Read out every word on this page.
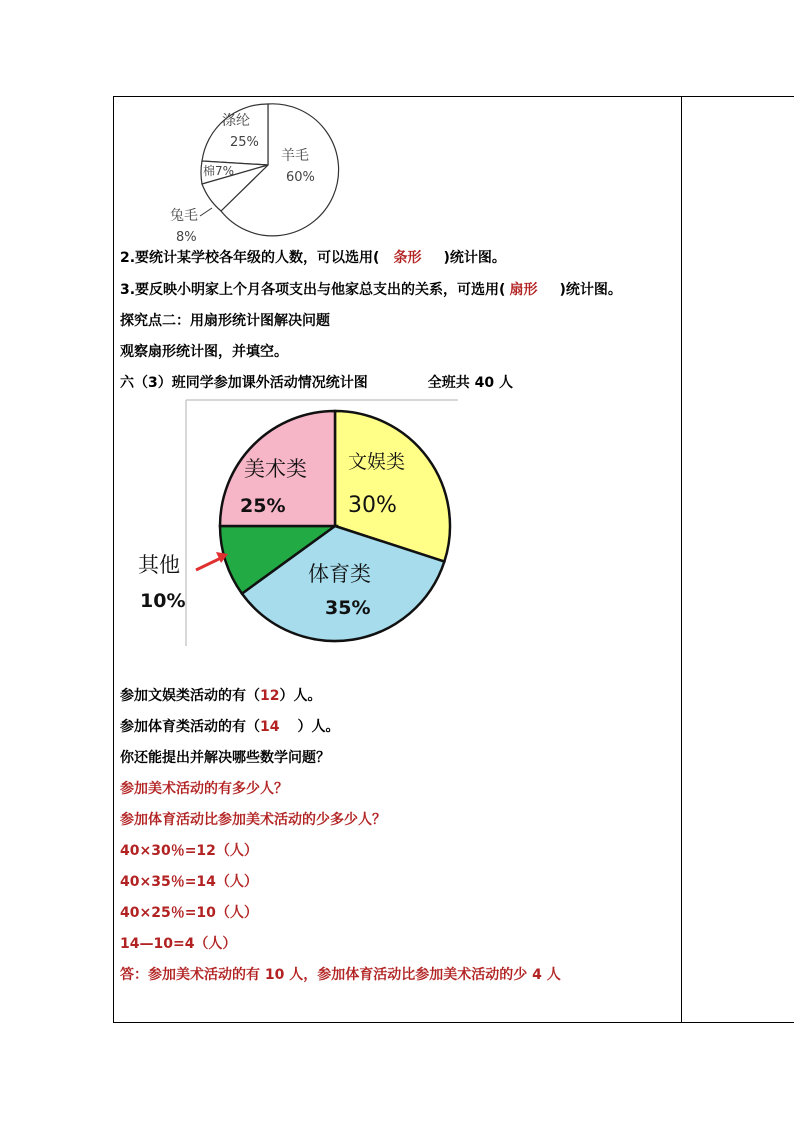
涤纶
25%
羊毛
60%
棉7%
兔毛
8%
2.要统计某学校各年级的人数，可以选用( 条形 )统计图。
3.要反映小明家上个月各项支出与他家总支出的关系，可选用( 扇形 )统计图。
探究点二：用扇形统计图解决问题
观察扇形统计图，并填空。
六（3）班同学参加课外活动情况统计图	全班共 40 人
美术类
25%
文娱类
30%
体育类
35%
其他
10%
参加文娱类活动的有（12）人。
参加体育类活动的有（14 ）人。
你还能提出并解决哪些数学问题？
参加美术活动的有多少人？
参加体育活动比参加美术活动的少多少人？
40×30％=12（人）
40×35％=14（人）
40×25％=10（人）
14—10=4（人）
答：参加美术活动的有 10 人，参加体育活动比参加美术活动的少 4 人
